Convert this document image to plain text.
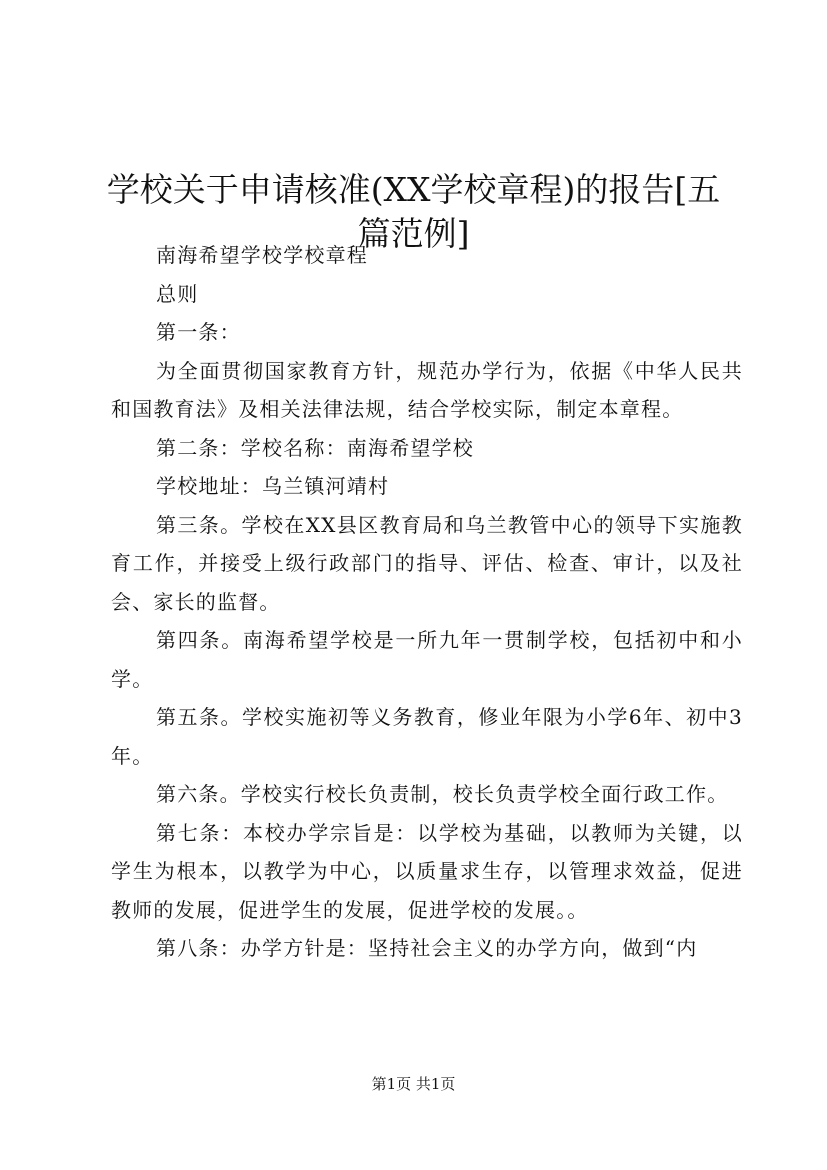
学校关于申请核准(XX学校章程)的报告[五篇范例]

南海希望学校学校章程

总则

第一条：

为全面贯彻国家教育方针，规范办学行为，依据《中华人民共和国教育法》及相关法律法规，结合学校实际，制定本章程。

第二条：学校名称：南海希望学校

学校地址：乌兰镇河靖村

第三条。学校在XX县区教育局和乌兰教管中心的领导下实施教育工作，并接受上级行政部门的指导、评估、检查、审计，以及社会、家长的监督。

第四条。南海希望学校是一所九年一贯制学校，包括初中和小学。

第五条。学校实施初等义务教育，修业年限为小学6年、初中3年。

第六条。学校实行校长负责制，校长负责学校全面行政工作。

第七条：本校办学宗旨是：以学校为基础，以教师为关键，以学生为根本，以教学为中心，以质量求生存，以管理求效益，促进教师的发展，促进学生的发展，促进学校的发展。。

第八条：办学方针是：坚持社会主义的办学方向，做到“内

第1页 共1页
